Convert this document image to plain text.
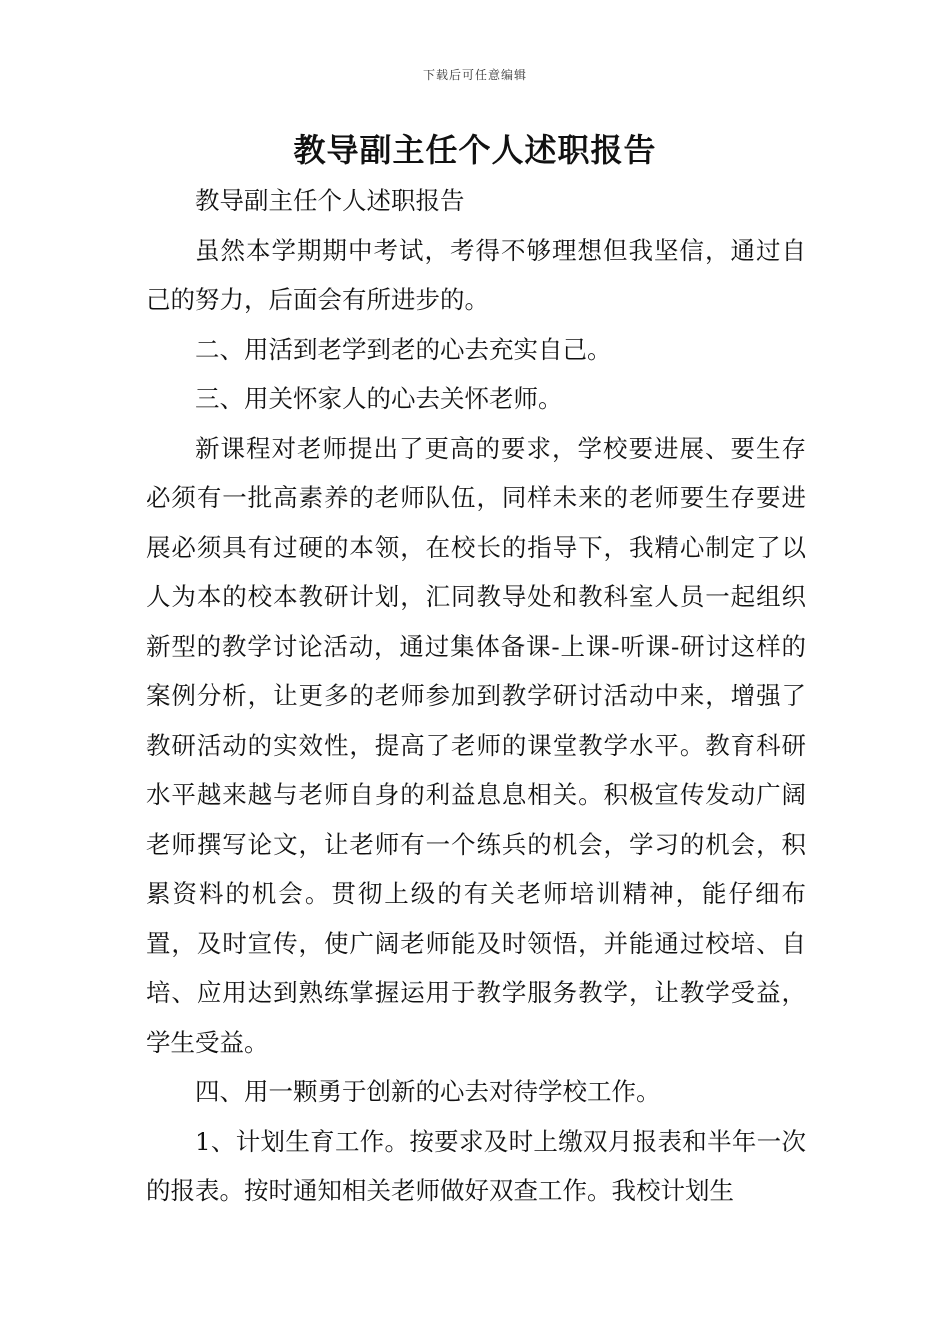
下载后可任意编辑
教导副主任个人述职报告

教导副主任个人述职报告

虽然本学期期中考试，考得不够理想但我坚信，通过自己的努力，后面会有所进步的。

二、用活到老学到老的心去充实自己。

三、用关怀家人的心去关怀老师。

新课程对老师提出了更高的要求，学校要进展、要生存必须有一批高素养的老师队伍，同样未来的老师要生存要进展必须具有过硬的本领，在校长的指导下，我精心制定了以人为本的校本教研计划，汇同教导处和教科室人员一起组织新型的教学讨论活动，通过集体备课-上课-听课-研讨这样的案例分析，让更多的老师参加到教学研讨活动中来，增强了教研活动的实效性，提高了老师的课堂教学水平。教育科研水平越来越与老师自身的利益息息相关。积极宣传发动广阔老师撰写论文，让老师有一个练兵的机会，学习的机会，积累资料的机会。贯彻上级的有关老师培训精神，能仔细布置，及时宣传，使广阔老师能及时领悟，并能通过校培、自培、应用达到熟练掌握运用于教学服务教学，让教学受益，学生受益。

四、用一颗勇于创新的心去对待学校工作。

1、计划生育工作。按要求及时上缴双月报表和半年一次的报表。按时通知相关老师做好双查工作。我校计划生
